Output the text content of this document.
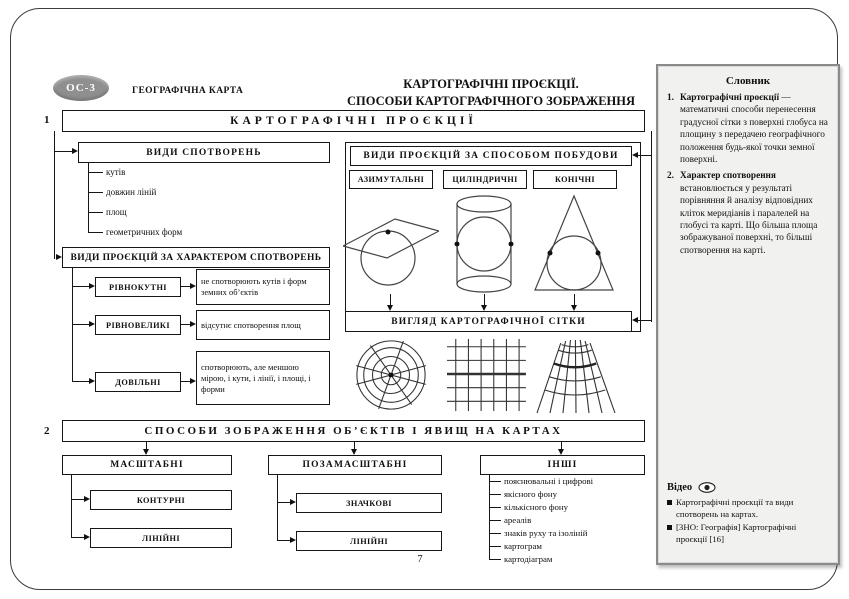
ОС-3	ГЕОГРАФІЧНА КАРТА	КАРТОГРАФІЧНІ ПРОЄКЦІЇ.
СПОСОБИ КАРТОГРАФІЧНОГО ЗОБРАЖЕННЯ
1	КАРТОГРАФІЧНІ ПРОЄКЦІЇ
ВИДИ СПОТВОРЕНЬ
кутів
довжин ліній
площ
геометричних форм
ВИДИ ПРОЄКЦІЙ ЗА ХАРАКТЕРОМ СПОТВОРЕНЬ
РІВНОКУТНІ
не спотворюють кутів і форм земних об’єктів
РІВНОВЕЛИКІ	відсутнє спотворення площ
ДОВІЛЬНІ
спотворюють, але меншою мірою, і кути, і лінії, і площі, і форми
ВИДИ ПРОЄКЦІЙ ЗА СПОСОБОМ ПОБУДОВИ
АЗИМУТАЛЬНІ	ЦИЛІНДРИЧНІ	КОНІЧНІ
ВИГЛЯД КАРТОГРАФІЧНОЇ СІТКИ
2	СПОСОБИ ЗОБРАЖЕННЯ ОБ’ЄКТІВ І ЯВИЩ НА КАРТАХ
МАСШТАБНІ
КОНТУРНІ
ЛІНІЙНІ
ПОЗАМАСШТАБНІ
ЗНАЧКОВІ
ЛІНІЙНІ
ІНШІ
пояснювальні і цифрові
якісного фону
кількісного фону
ареалів
знаків руху та ізоліній
картограм
картодіаграм
7
Словник
1. Картографічні проєкції — математичні способи перенесення градусної сітки з поверхні глобуса на площину з передачею географічного положення будь-якої точки земної поверхні.
2. Характер спотворення встановлюється у результаті порівняння й аналізу відповідних кліток меридіанів і паралелей на глобусі та карті. Що більша площа зображуваної поверхні, то більші спотворення на карті.
Відео
Картографічні проєкції та види спотворень на картах.
[ЗНО: Географія] Картографічні проєкції [16]
